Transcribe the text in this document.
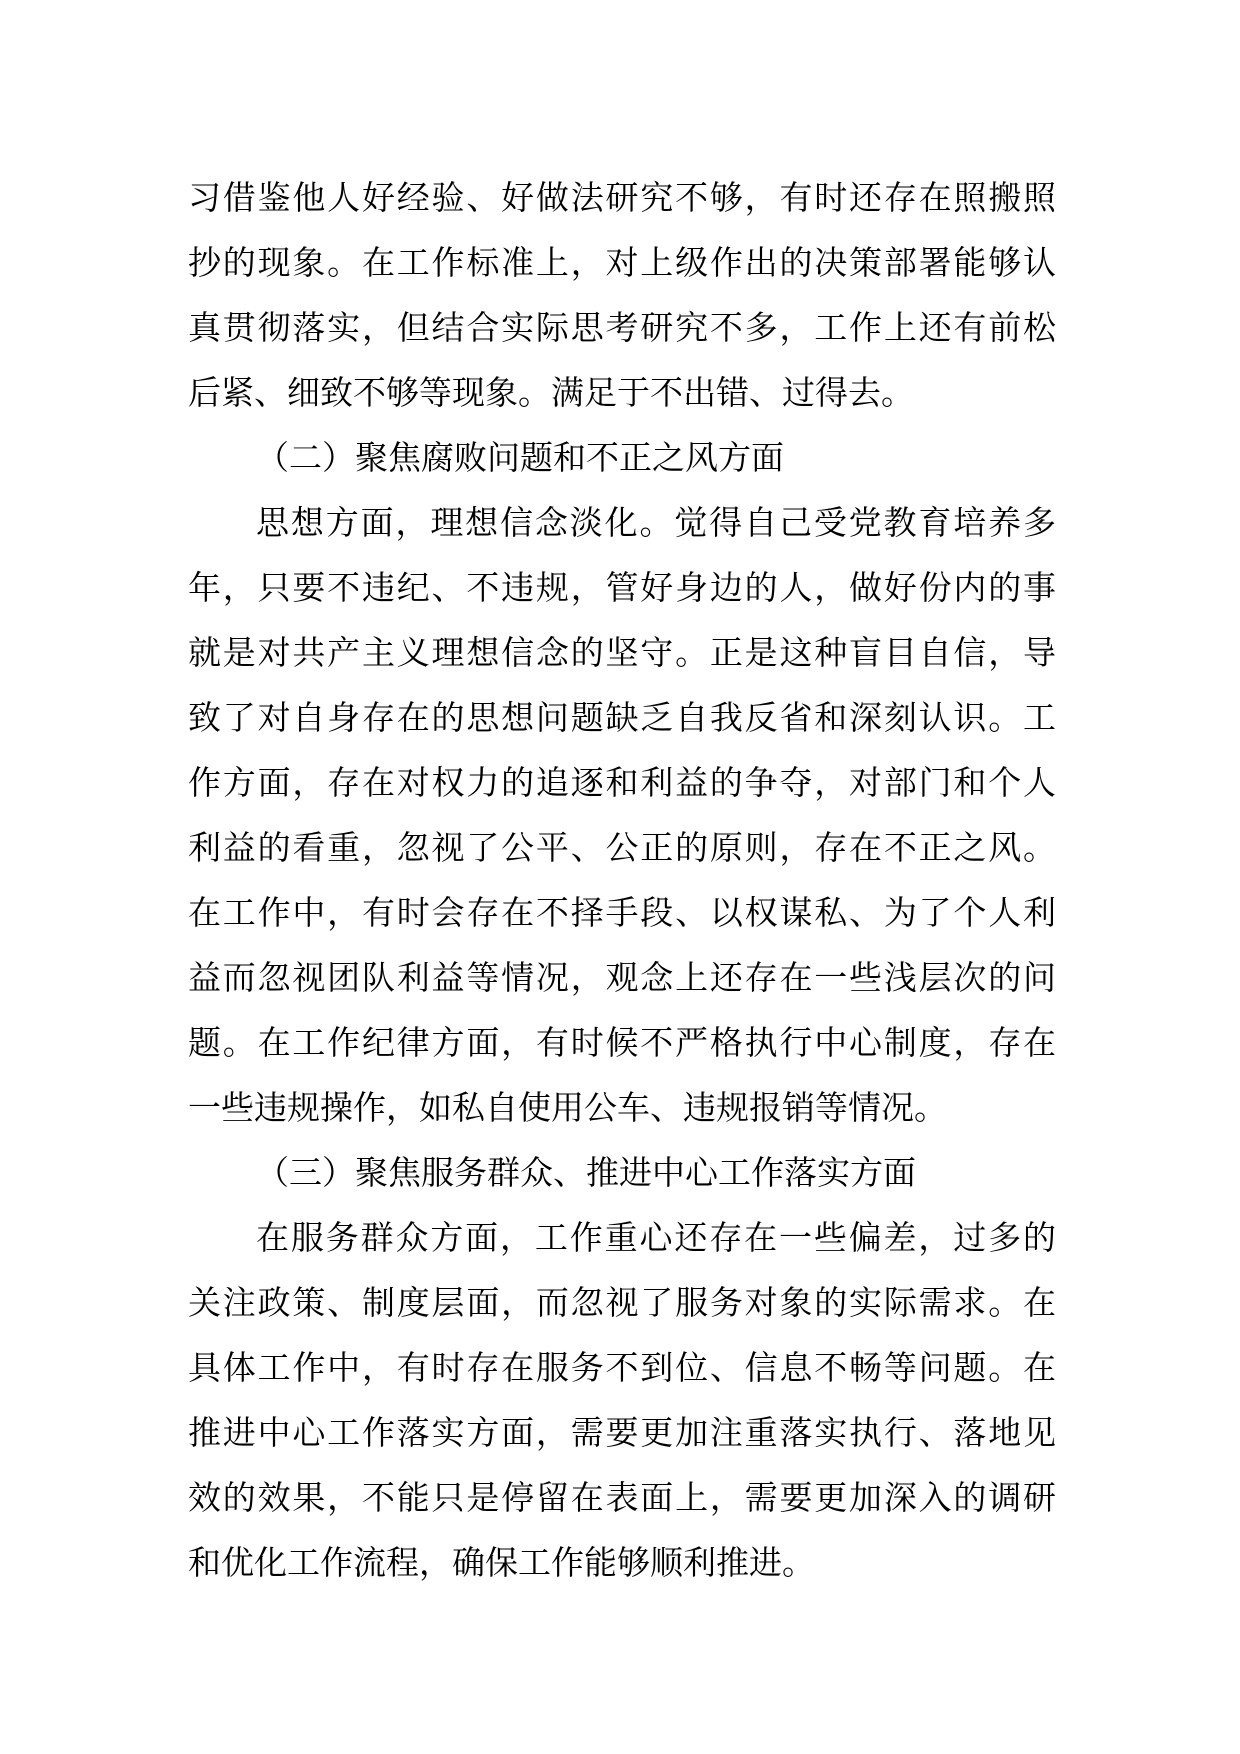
习借鉴他人好经验、好做法研究不够，有时还存在照搬照

抄的现象。在工作标准上，对上级作出的决策部署能够认

真贯彻落实，但结合实际思考研究不多，工作上还有前松

后紧、细致不够等现象。满足于不出错、过得去。

（二）聚焦腐败问题和不正之风方面

思想方面，理想信念淡化。觉得自己受党教育培养多

年，只要不违纪、不违规，管好身边的人，做好份内的事

就是对共产主义理想信念的坚守。正是这种盲目自信，导

致了对自身存在的思想问题缺乏自我反省和深刻认识。工

作方面，存在对权力的追逐和利益的争夺，对部门和个人

利益的看重，忽视了公平、公正的原则，存在不正之风。

在工作中，有时会存在不择手段、以权谋私、为了个人利

益而忽视团队利益等情况，观念上还存在一些浅层次的问

题。在工作纪律方面，有时候不严格执行中心制度，存在

一些违规操作，如私自使用公车、违规报销等情况。

（三）聚焦服务群众、推进中心工作落实方面

在服务群众方面，工作重心还存在一些偏差，过多的

关注政策、制度层面，而忽视了服务对象的实际需求。在

具体工作中，有时存在服务不到位、信息不畅等问题。在

推进中心工作落实方面，需要更加注重落实执行、落地见

效的效果，不能只是停留在表面上，需要更加深入的调研

和优化工作流程，确保工作能够顺利推进。
